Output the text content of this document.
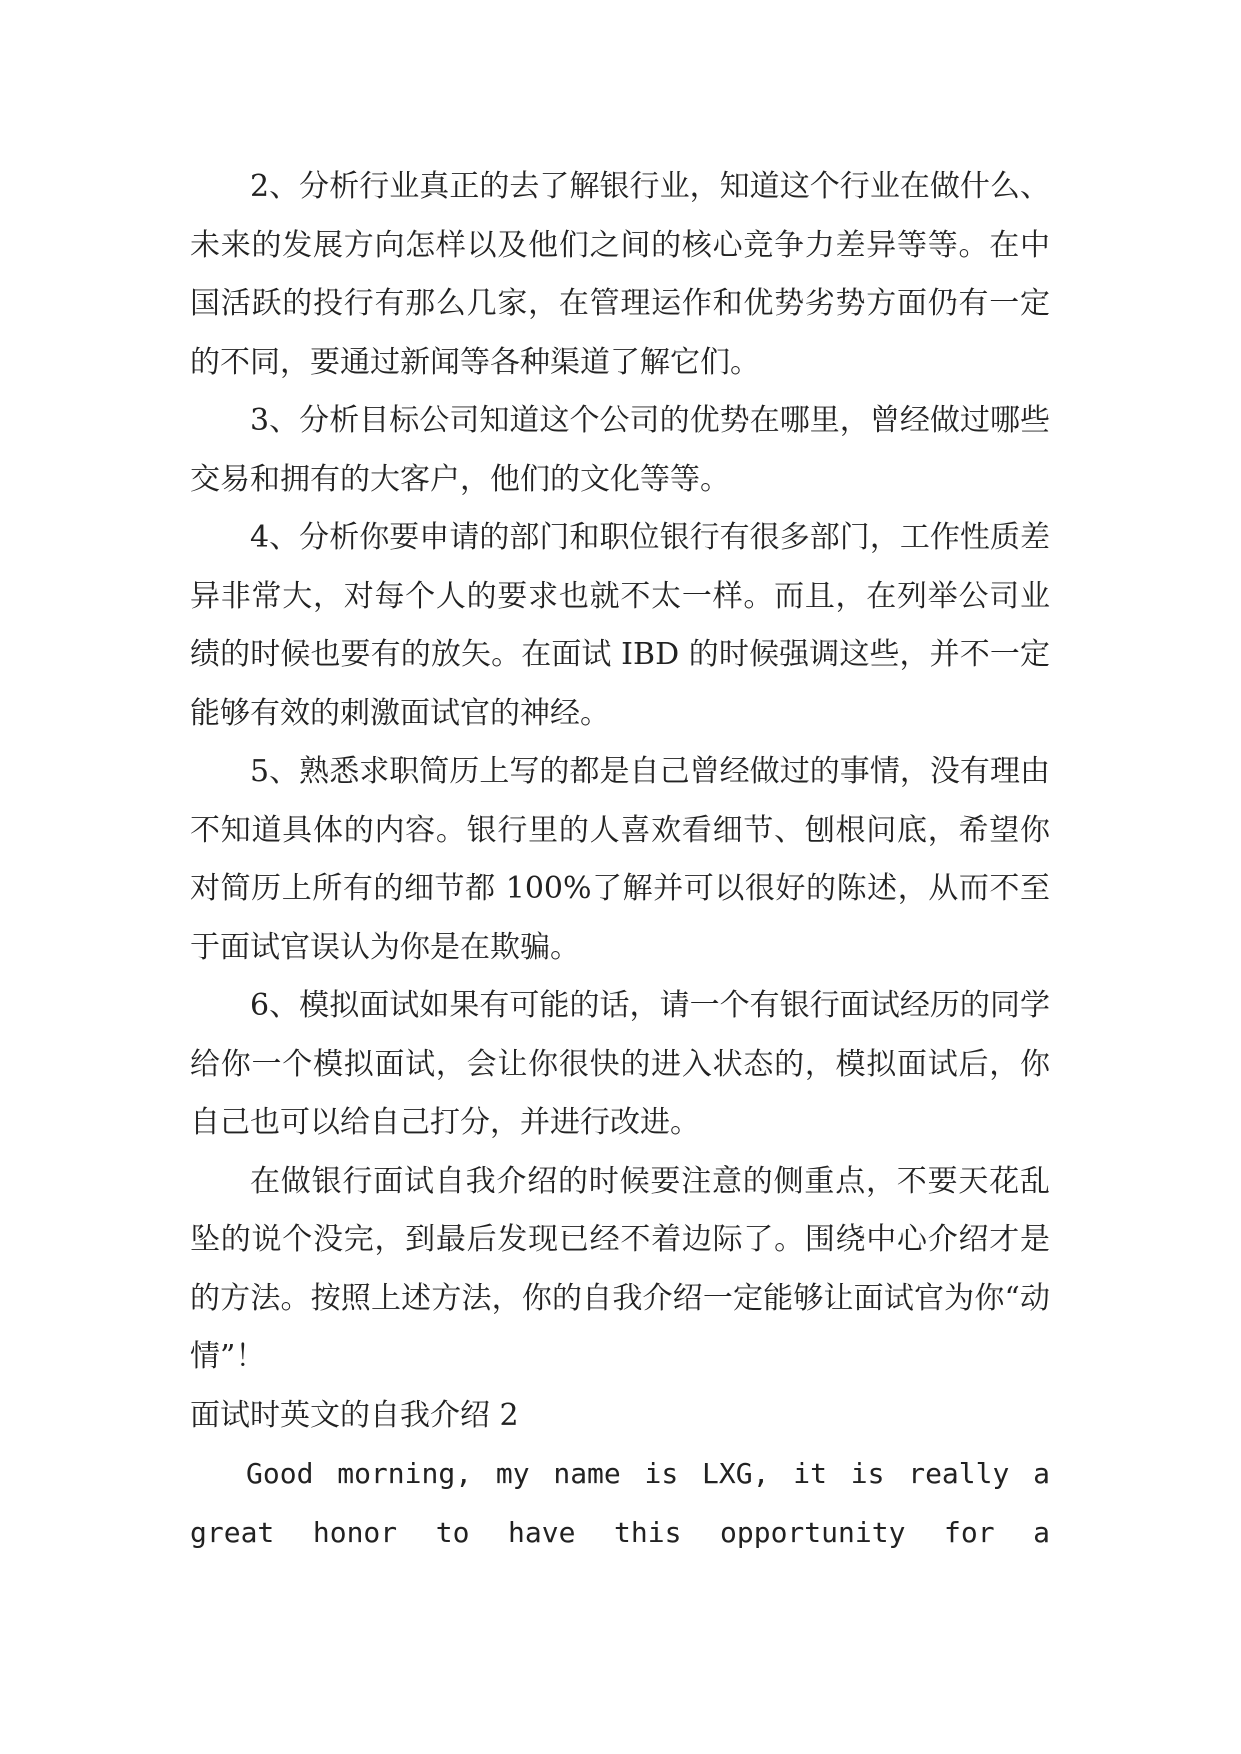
2、分析行业真正的去了解银行业，知道这个行业在做什么、未来的发展方向怎样以及他们之间的核心竞争力差异等等。在中国活跃的投行有那么几家，在管理运作和优势劣势方面仍有一定的不同，要通过新闻等各种渠道了解它们。

3、分析目标公司知道这个公司的优势在哪里，曾经做过哪些交易和拥有的大客户，他们的文化等等。

4、分析你要申请的部门和职位银行有很多部门，工作性质差异非常大，对每个人的要求也就不太一样。而且，在列举公司业绩的时候也要有的放矢。在面试 IBD 的时候强调这些，并不一定能够有效的刺激面试官的神经。

5、熟悉求职简历上写的都是自己曾经做过的事情，没有理由不知道具体的内容。银行里的人喜欢看细节、刨根问底，希望你对简历上所有的细节都 100%了解并可以很好的陈述，从而不至于面试官误认为你是在欺骗。

6、模拟面试如果有可能的话，请一个有银行面试经历的同学给你一个模拟面试，会让你很快的进入状态的，模拟面试后，你自己也可以给自己打分，并进行改进。

在做银行面试自我介绍的时候要注意的侧重点，不要天花乱坠的说个没完，到最后发现已经不着边际了。围绕中心介绍才是的方法。按照上述方法，你的自我介绍一定能够让面试官为你“动情”！

面试时英文的自我介绍 2

Good morning, my name is LXG, it is really a great honor to have this opportunity for a
